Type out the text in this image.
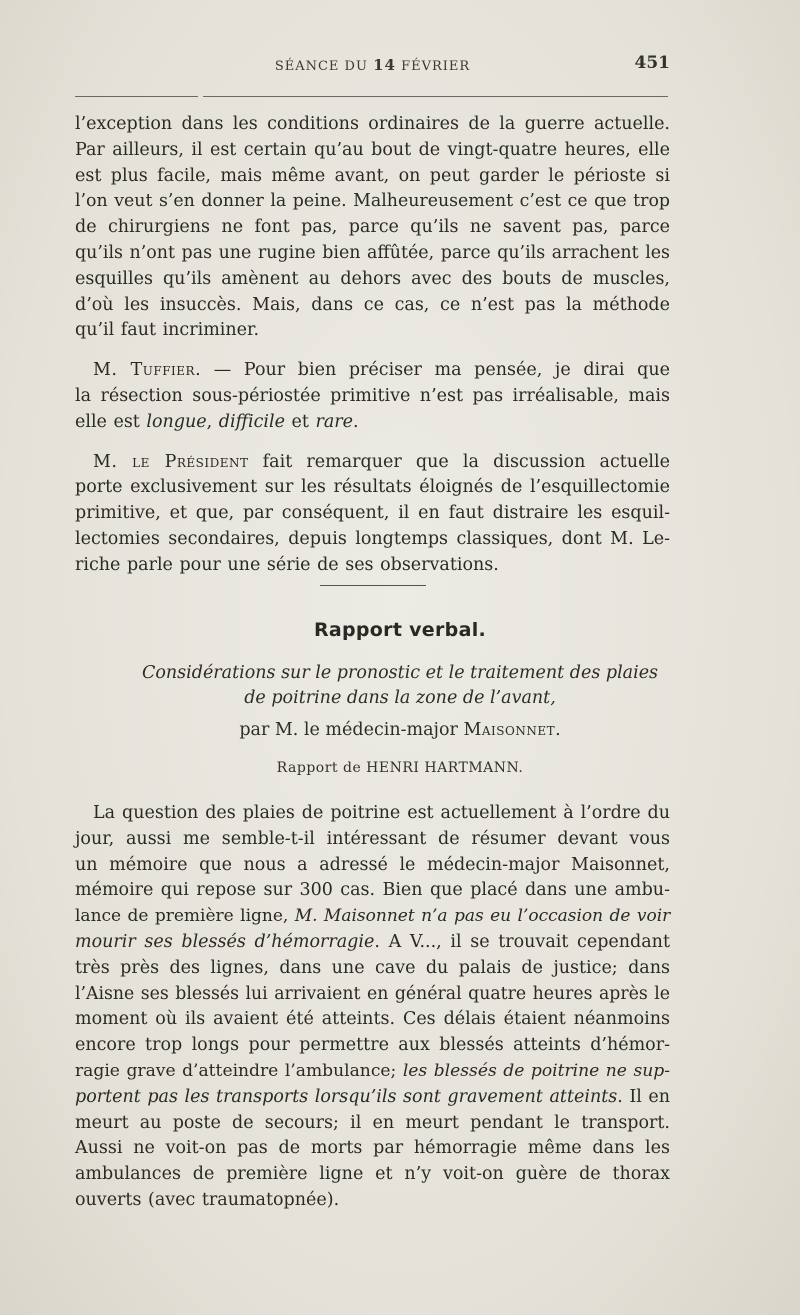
SÉANCE DU 14 FÉVRIER	451

l’exception dans les conditions ordinaires de la guerre actuelle.
Par ailleurs, il est certain qu’au bout de vingt-quatre heures, elle
est plus facile, mais même avant, on peut garder le périoste si
l’on veut s’en donner la peine. Malheureusement c’est ce que trop
de chirurgiens ne font pas, parce qu’ils ne savent pas, parce
qu’ils n’ont pas une rugine bien affûtée, parce qu’ils arrachent les
esquilles qu’ils amènent au dehors avec des bouts de muscles,
d’où les insuccès. Mais, dans ce cas, ce n’est pas la méthode
qu’il faut incriminer.

M. Tuffier. — Pour bien préciser ma pensée, je dirai que
la résection sous-périostée primitive n’est pas irréalisable, mais
elle est longue, difficile et rare.

M. le Président fait remarquer que la discussion actuelle
porte exclusivement sur les résultats éloignés de l’esquillectomie
primitive, et que, par conséquent, il en faut distraire les esquil-
lectomies secondaires, depuis longtemps classiques, dont M. Le-
riche parle pour une série de ses observations.

Rapport verbal.
Considérations sur le pronostic et le traitement des plaies
de poitrine dans la zone de l’avant,
par M. le médecin-major Maisonnet.
Rapport de HENRI HARTMANN.

La question des plaies de poitrine est actuellement à l’ordre du
jour, aussi me semble-t-il intéressant de résumer devant vous
un mémoire que nous a adressé le médecin-major Maisonnet,
mémoire qui repose sur 300 cas. Bien que placé dans une ambu-
lance de première ligne, M. Maisonnet n’a pas eu l’occasion de voir
mourir ses blessés d’hémorragie. A V..., il se trouvait cependant
très près des lignes, dans une cave du palais de justice; dans
l’Aisne ses blessés lui arrivaient en général quatre heures après le
moment où ils avaient été atteints. Ces délais étaient néanmoins
encore trop longs pour permettre aux blessés atteints d’hémor-
ragie grave d’atteindre l’ambulance; les blessés de poitrine ne sup-
portent pas les transports lorsqu’ils sont gravement atteints. Il en
meurt au poste de secours; il en meurt pendant le transport.
Aussi ne voit-on pas de morts par hémorragie même dans les
ambulances de première ligne et n’y voit-on guère de thorax
ouverts (avec traumatopnée).
